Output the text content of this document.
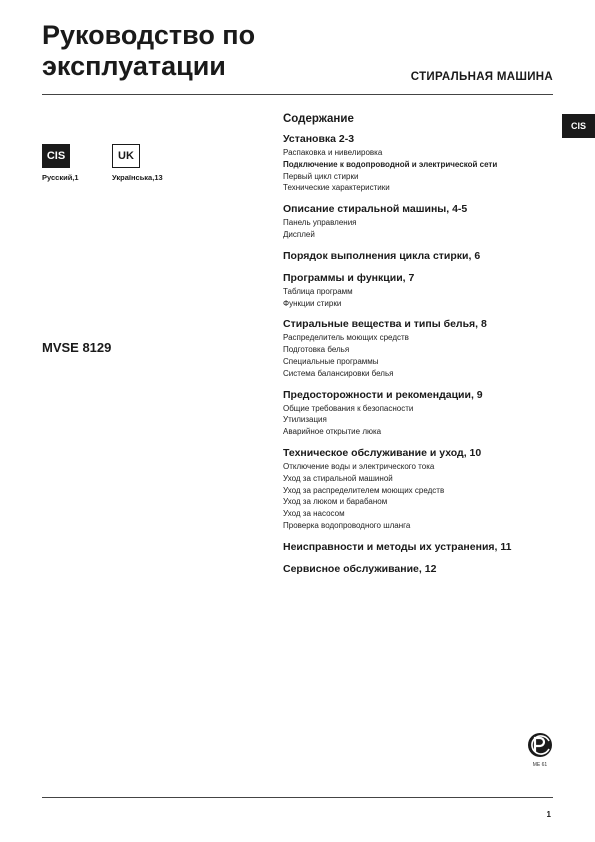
Руководство по
эксплуатации	СТИРАЛЬНАЯ МАШИНА
CIS
CIS
Русский,1
UK
Українська,13
MVSE 8129
Содержание
Установка 2-3
Распаковка и нивелировка
Подключение к водопроводной и электрической сети
Первый цикл стирки
Технические характеристики
Описание стиральной машины, 4-5
Панель управления
Дисплей
Порядок выполнения цикла стирки, 6
Программы и функции, 7
Таблица программ
Функции стирки
Стиральные вещества и типы белья, 8
Распределитель моющих средств
Подготовка белья
Специальные программы
Система балансировки белья
Предосторожности и рекомендации, 9
Общие требования к безопасности
Утилизация
Аварийное открытие люка
Техническое обслуживание и уход, 10
Отключение воды и электрического тока
Уход за стиральной машиной
Уход за распределителем моющих средств
Уход за люком и барабаном
Уход за насосом
Проверка водопроводного шланга
Неисправности и методы их устранения, 11
Сервисное обслуживание, 12
МЕ 61
1
